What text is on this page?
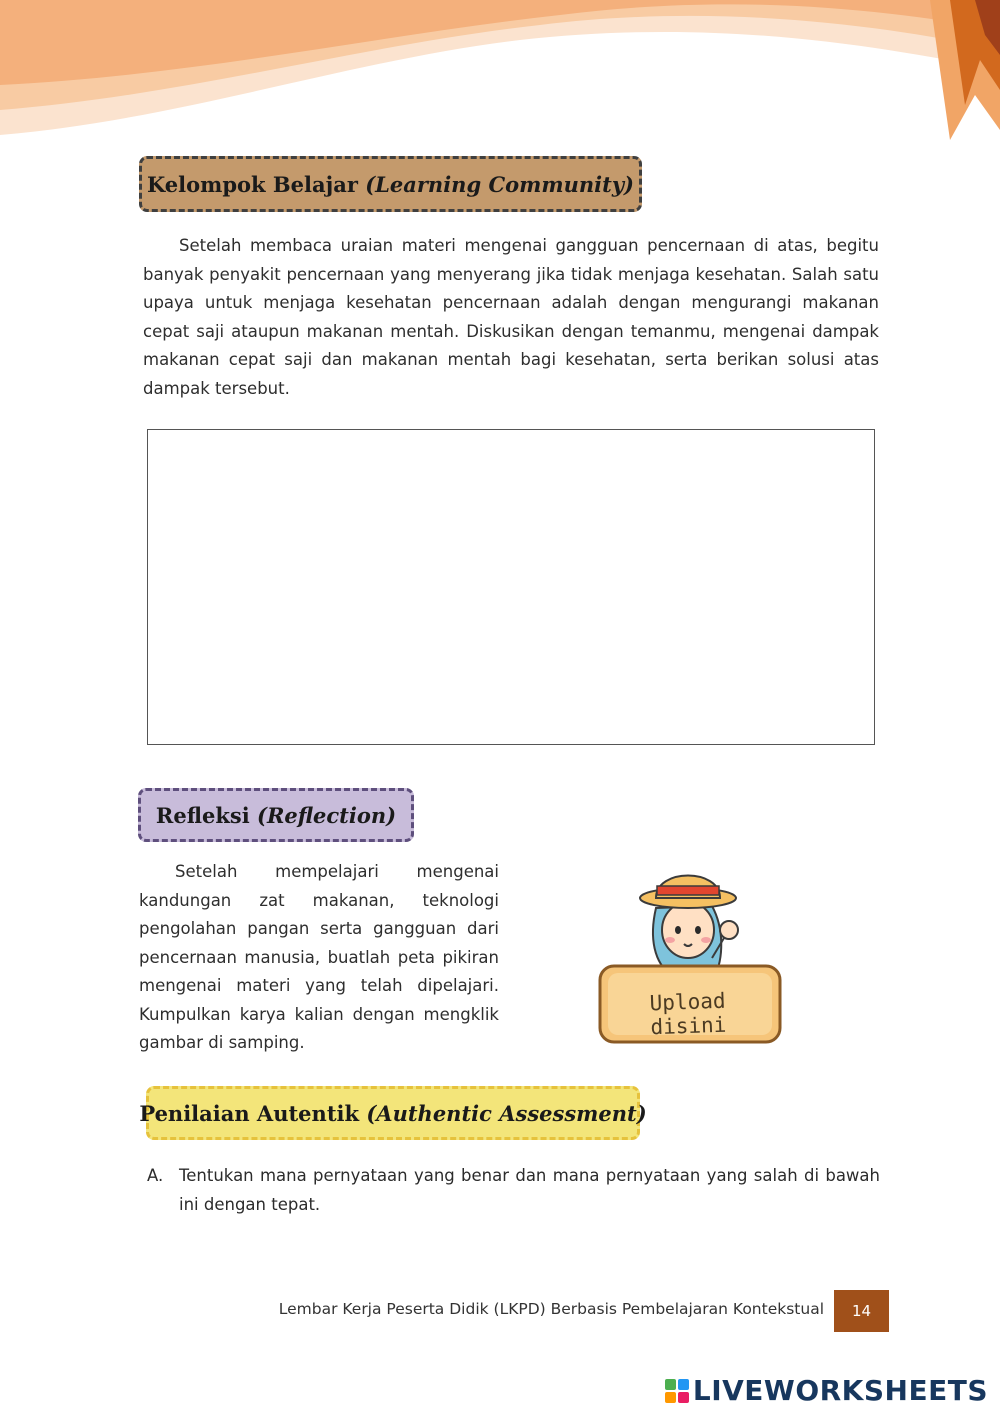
Kelompok Belajar
(Learning Community)

Setelah membaca uraian materi mengenai gangguan pencernaan di atas, begitu banyak penyakit pencernaan yang menyerang jika tidak menjaga kesehatan. Salah satu upaya untuk menjaga kesehatan pencernaan adalah dengan mengurangi makanan cepat saji ataupun makanan mentah. Diskusikan dengan temanmu, mengenai dampak makanan cepat saji dan makanan mentah bagi kesehatan, serta berikan solusi atas dampak tersebut.

Refleksi
(Reflection)

Setelah mempelajari mengenai kandungan zat makanan, teknologi pengolahan pangan serta gangguan dari pencernaan manusia, buatlah peta pikiran mengenai materi yang telah dipelajari. Kumpulkan karya kalian dengan mengklik gambar di samping.

Upload disini
Penilaian Autentik
(Authentic Assessment)
A. Tentukan mana pernyataan yang benar dan mana pernyataan yang salah di bawah ini dengan tepat.
Lembar Kerja Peserta Didik (LKPD) Berbasis Pembelajaran Kontekstual	14
LIVEWORKSHEETS
